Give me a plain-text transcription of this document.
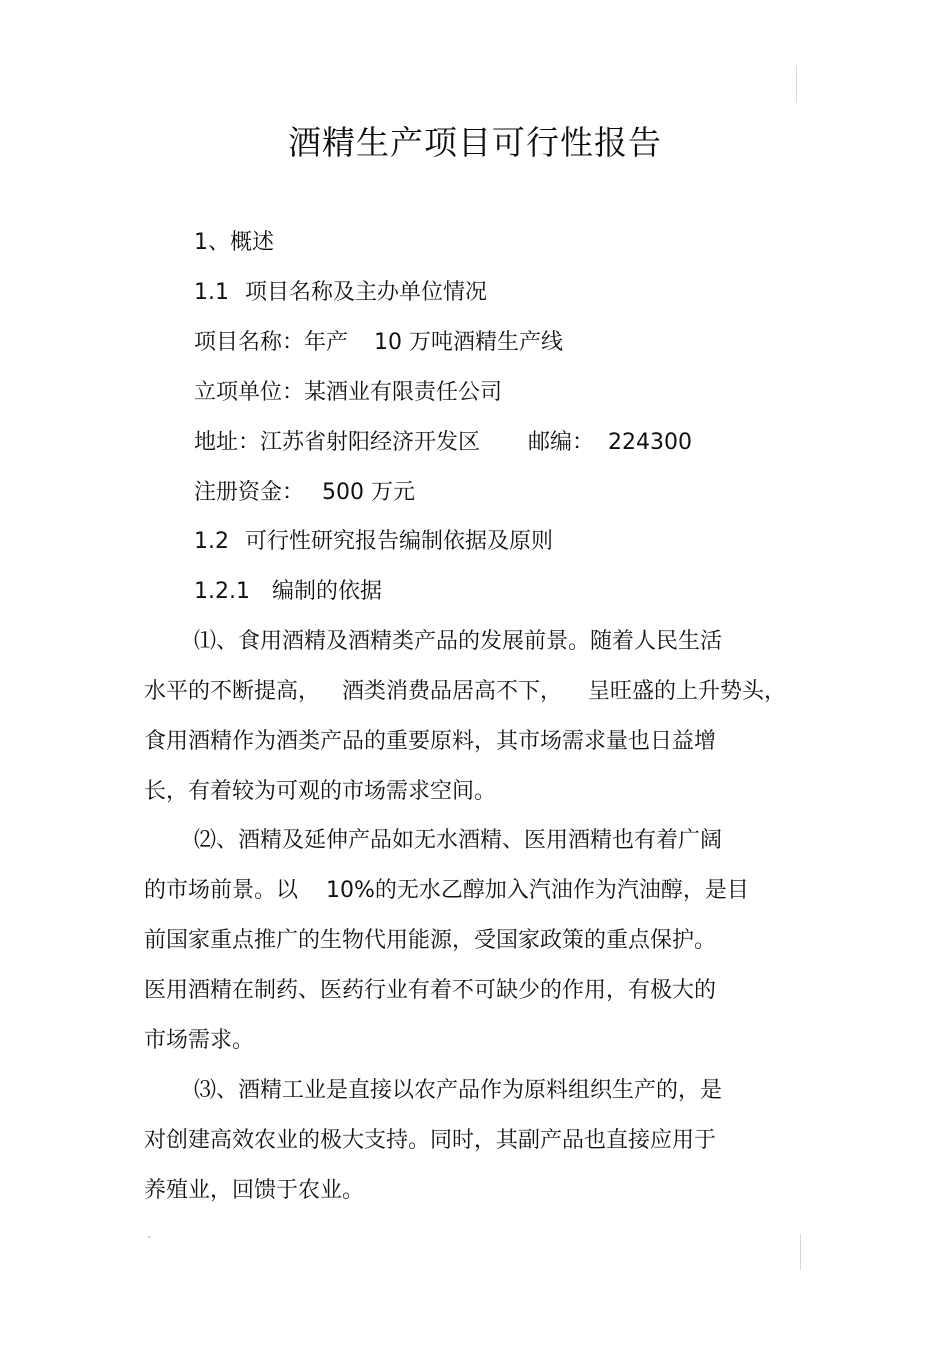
酒精生产项目可行性报告
1、概述
1.1 项目名称及主办单位情况
项目名称：年产 10 万吨酒精生产线
立项单位：某酒业有限责任公司
地址：江苏省射阳经济开发区 邮编： 224300
注册资金： 500 万元
1.2 可行性研究报告编制依据及原则
1.2.1 编制的依据
⑴、食用酒精及酒精类产品的发展前景。随着人民生活
水平的不断提高， 酒类消费品居高不下， 呈旺盛的上升势头，
食用酒精作为酒类产品的重要原料，其市场需求量也日益增
长，有着较为可观的市场需求空间。
⑵、酒精及延伸产品如无水酒精、医用酒精也有着广阔
的市场前景。以 10%的无水乙醇加入汽油作为汽油醇，是目
前国家重点推广的生物代用能源，受国家政策的重点保护。
医用酒精在制药、医药行业有着不可缺少的作用，有极大的
市场需求。
⑶、酒精工业是直接以农产品作为原料组织生产的，是
对创建高效农业的极大支持。同时，其副产品也直接应用于
养殖业，回馈于农业。
